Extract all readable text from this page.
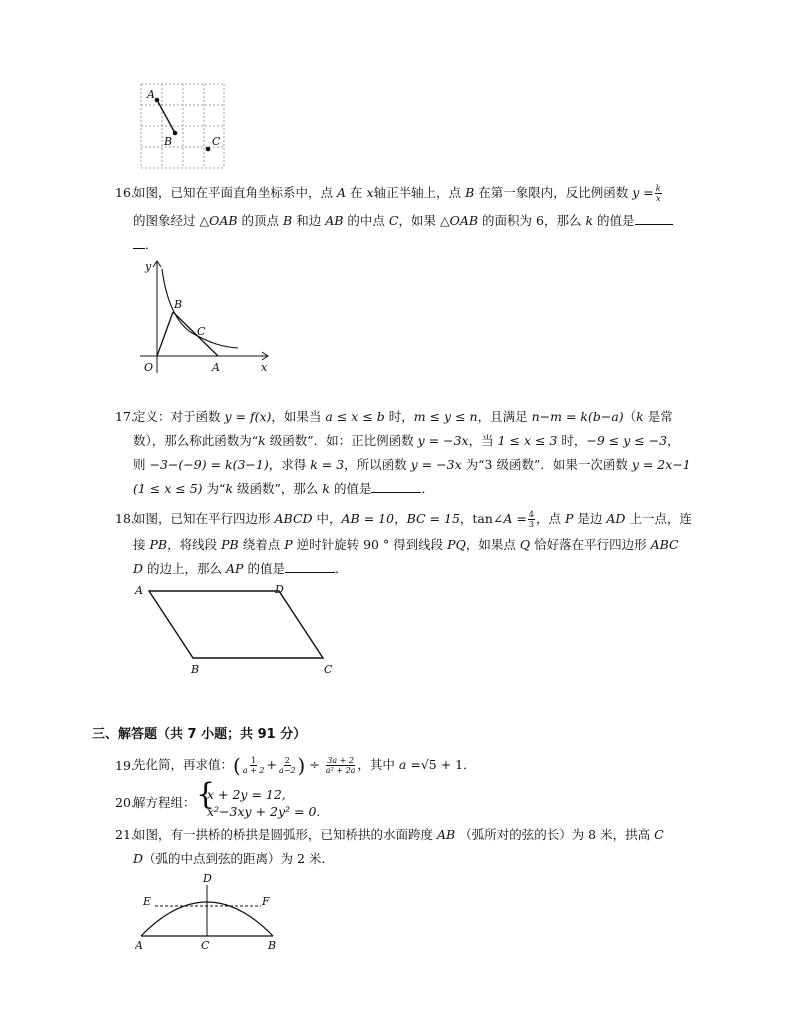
A
B	C
16.
如图，已知在平面直角坐标系中，点 A 在 x轴正半轴上，点 B 在第一象限内，反比例函数 $y = \frac{k}{x}$
的图象经过 △OAB 的顶点 B 和边 AB 的中点 C，如果 △OAB 的面积为 6，那么 k 的值是
．
y
x
O	A
B
C
17.
定义：对于函数 y = f(x)，如果当 a ≤ x ≤ b 时，m ≤ y ≤ n，且满足 n−m = k(b−a)（k 是常
数），那么称此函数为“k 级函数”．如：正比例函数 y = −3x，当 1 ≤ x ≤ 3 时，−9 ≤ y ≤ −3，
则 −3−(−9) = k(3−1)，求得 k = 3，所以函数 y = −3x 为“3 级函数”．如果一次函数 y = 2x−1
(1 ≤ x ≤ 5) 为“k 级函数”，那么 k 的值是	．
18.
如图，已知在平行四边形 ABCD 中，AB = 10，BC = 15，tan∠A = $\frac{4}{3}$ ，点 P 是边 AD 上一点，连
接 PB，将线段 PB 绕着点 P 逆时针旋转 90 ° 得到线段 PQ，如果点 Q 恰好落在平行四边形 ABC
D 的边上，那么 AP 的值是	．
A	D
B	C
三、解答题（共 7 小题；共 91 分）
19.
先化简，再求值：( $\frac{1}{a + 2} + \frac{2}{a-2}$ ) ÷ $\frac{3a + 2}{\text{a² + 2a}}$ ，其中 a =√5 + 1．
20.
解方程组： {
x + 2y = 12,
x²−3xy + 2y² = 0.
21.
如图，有一拱桥的桥拱是圆弧形，已知桥拱的水面跨度 AB （弧所对的弦的长）为 8 米，拱高 C
D（弧的中点到弦的距离）为 2 米．
D
E	F
A	C	B
